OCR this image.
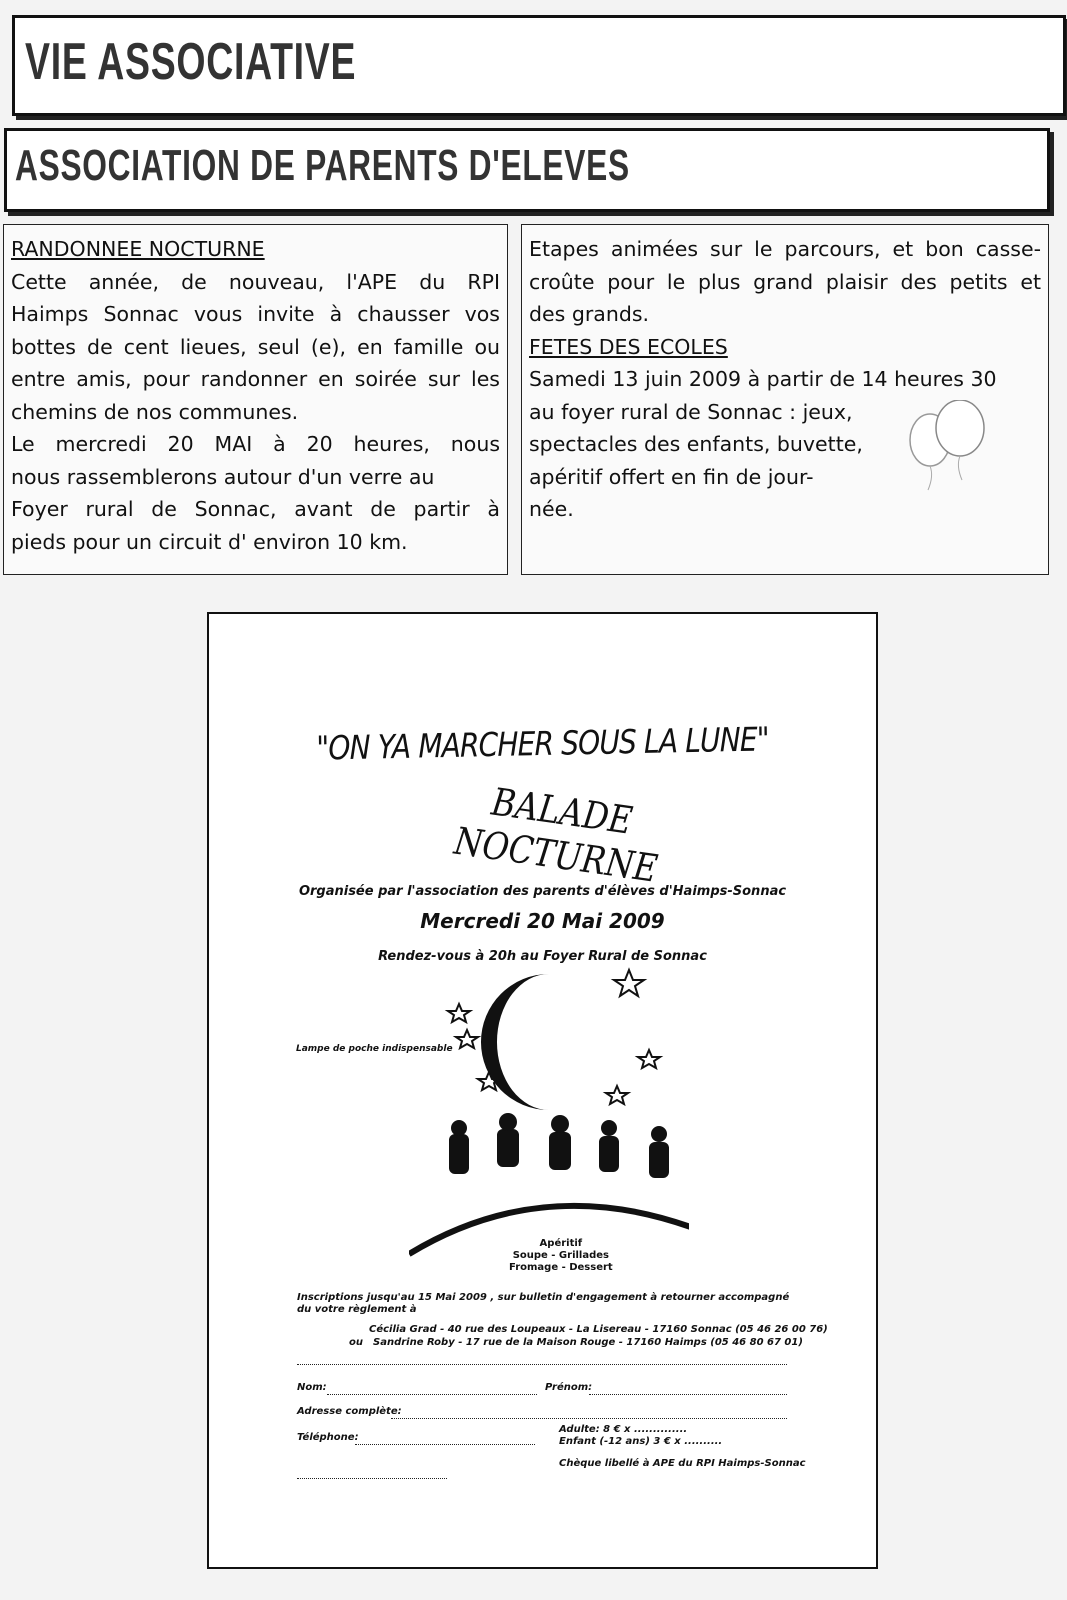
VIE ASSOCIATIVE
ASSOCIATION DE PARENTS D'ELEVES
RANDONNEE NOCTURNE
Cette année, de nouveau, l'APE du RPI
Haimps Sonnac vous invite à chausser vos
bottes de cent lieues, seul (e), en famille ou
entre amis, pour randonner en soirée sur les
chemins de nos communes.
Le mercredi 20 MAI à 20 heures, nous
nous rassemblerons autour d'un verre au
Foyer rural de Sonnac, avant de partir à
pieds pour un circuit d' environ 10 km.
Etapes animées sur le parcours, et bon casse-
croûte pour le plus grand plaisir des petits et
des grands.
FETES DES ECOLES
Samedi 13 juin 2009 à partir de 14 heures 30
au foyer rural de Sonnac : jeux,
spectacles des enfants, buvette,
apéritif offert en fin de jour-
née.
"ON YA MARCHER SOUS LA LUNE"
BALADE NOCTURNE
Organisée par l'association des parents d'élèves d'Haimps-Sonnac
Mercredi 20 Mai 2009
Rendez-vous à 20h au Foyer Rural de Sonnac
Lampe de poche indispensable
Apéritif
Soupe - Grillades
Fromage - Dessert
Inscriptions jusqu'au 15 Mai 2009 , sur bulletin d'engagement à retourner accompagné du votre règlement à
Cécilia Grad - 40 rue des Loupeaux - La Lisereau - 17160 Sonnac (05 46 26 00 76)
ou Sandrine Roby - 17 rue de la Maison Rouge - 17160 Haimps (05 46 80 67 01)
Nom:	Prénom:
Adresse complète:
Téléphone:
Adulte: 8 € x ..............
Enfant (-12 ans) 3 € x ..........
Chèque libellé à APE du RPI Haimps-Sonnac
